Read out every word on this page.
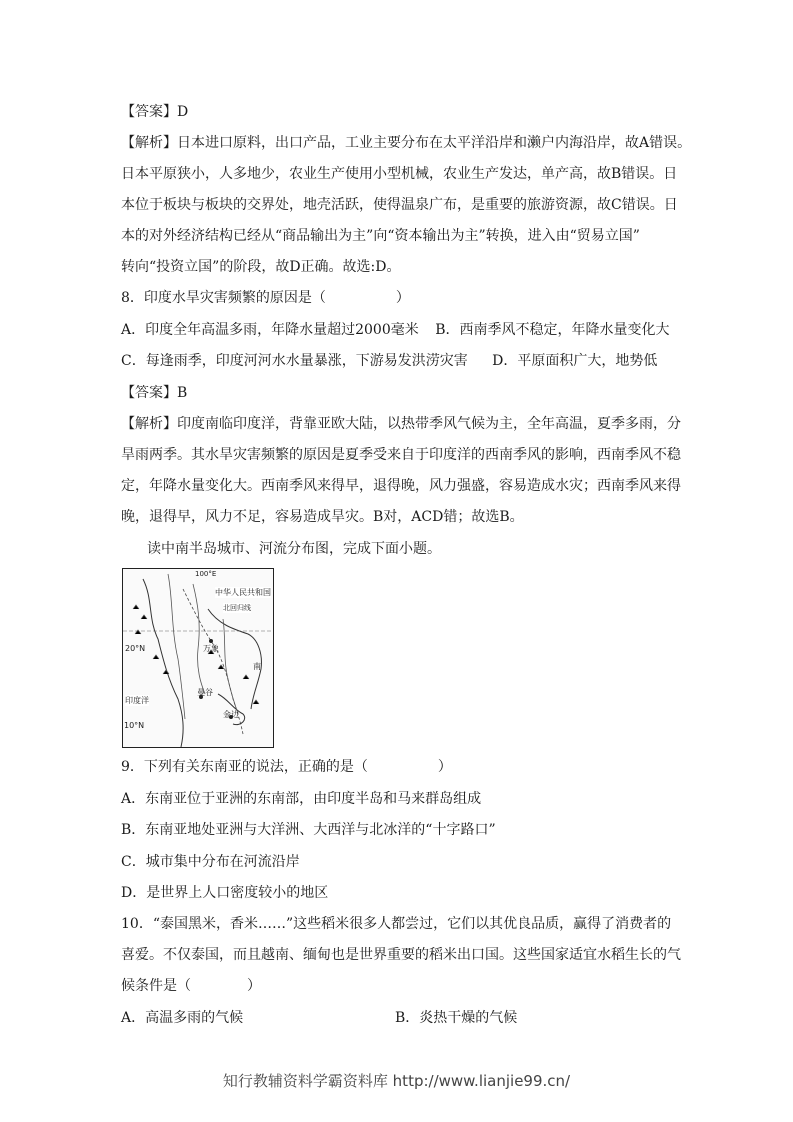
【答案】D
【解析】日本进口原料，出口产品，工业主要分布在太平洋沿岸和濑户内海沿岸，故A错误。
日本平原狭小，人多地少，农业生产使用小型机械，农业生产发达，单产高，故B错误。日
本位于板块与板块的交界处，地壳活跃，使得温泉广布，是重要的旅游资源，故C错误。日
本的对外经济结构已经从“商品输出为主”向“资本输出为主”转换，进入由“贸易立国”
转向“投资立国”的阶段，故D正确。故选:D。
8．印度水旱灾害频繁的原因是（　　　　　）
A．印度全年高温多雨，年降水量超过2000毫米 B．西南季风不稳定，年降水量变化大
C．每逢雨季，印度河河水水量暴涨，下游易发洪涝灾害 D．平原面积广大，地势低
【答案】B
【解析】印度南临印度洋，背靠亚欧大陆，以热带季风气候为主，全年高温，夏季多雨，分
旱雨两季。其水旱灾害频繁的原因是夏季受来自于印度洋的西南季风的影响，西南季风不稳
定，年降水量变化大。西南季风来得早，退得晚，风力强盛，容易造成水灾；西南季风来得
晚，退得早，风力不足，容易造成旱灾。B对，ACD错；故选B。
读中南半岛城市、河流分布图，完成下面小题。
20°N
中华人民共和国
北回归线
100°E
万象
曼谷
金边
南
10°N
印度洋
9．下列有关东南亚的说法，正确的是（　　　　　）
A．东南亚位于亚洲的东南部，由印度半岛和马来群岛组成
B．东南亚地处亚洲与大洋洲、大西洋与北冰洋的“十字路口”
C．城市集中分布在河流沿岸
D．是世界上人口密度较小的地区
10．“泰国黑米，香米……”这些稻米很多人都尝过，它们以其优良品质，赢得了消费者的
喜爱。不仅泰国，而且越南、缅甸也是世界重要的稻米出口国。这些国家适宜水稻生长的气
候条件是（　　　　）
A．高温多雨的气候	B．炎热干燥的气候
知行教辅资料学霸资料库 http://www.lianjie99.cn/
